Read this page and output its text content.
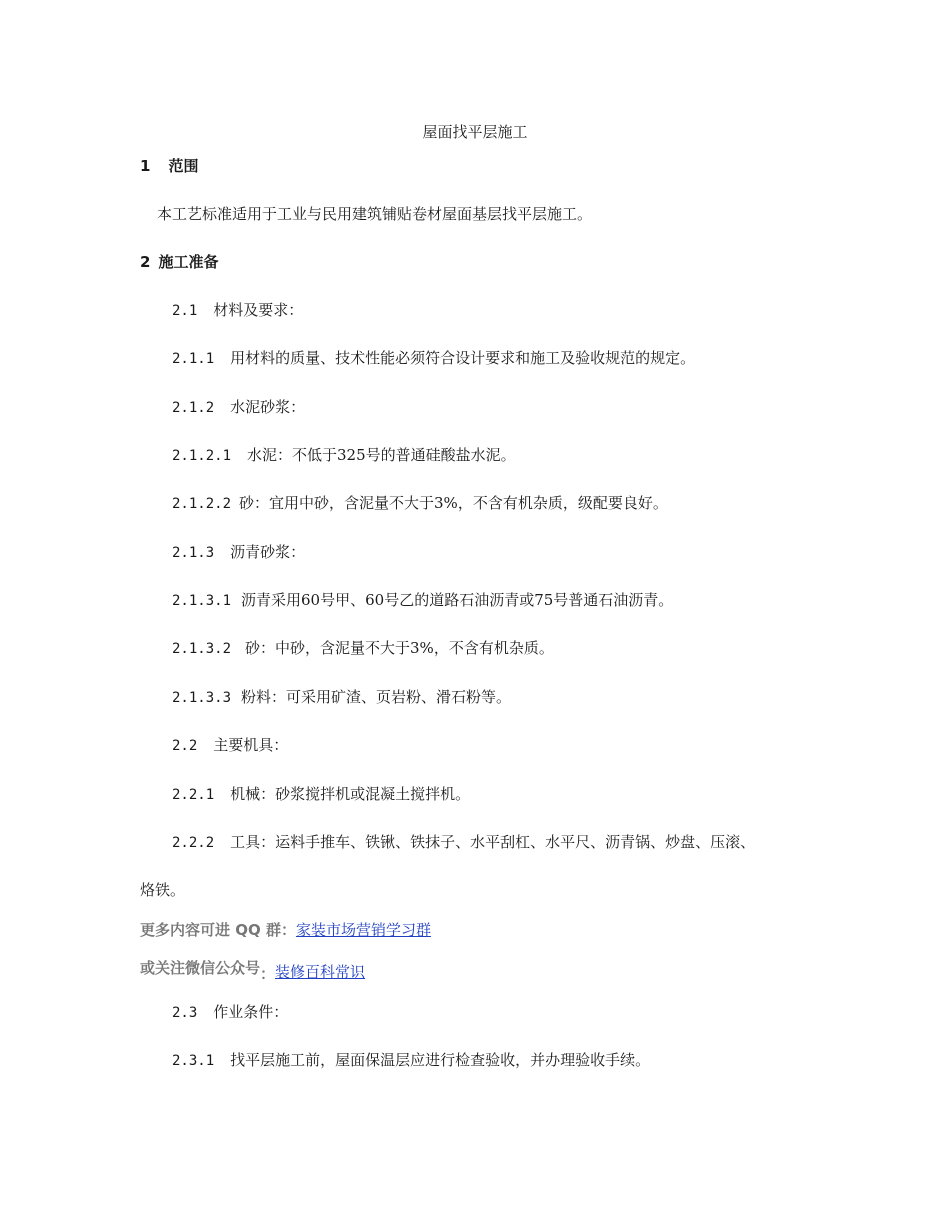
屋面找平层施工
1 范围
本工艺标准适用于工业与民用建筑铺贴卷材屋面基层找平层施工。
2 施工准备
2.1 材料及要求：
2.1.1 用材料的质量、技术性能必须符合设计要求和施工及验收规范的规定。
2.1.2 水泥砂浆：
2.1.2.1 水泥：不低于325号的普通硅酸盐水泥。
2.1.2.2 砂：宜用中砂，含泥量不大于3%，不含有机杂质，级配要良好。
2.1.3 沥青砂浆：
2.1.3.1 沥青采用60号甲、60号乙的道路石油沥青或75号普通石油沥青。
2.1.3.2 砂：中砂，含泥量不大于3%，不含有机杂质。
2.1.3.3 粉料：可采用矿渣、页岩粉、滑石粉等。
2.2 主要机具：
2.2.1 机械：砂浆搅拌机或混凝土搅拌机。
2.2.2 工具：运料手推车、铁锹、铁抹子、水平刮杠、水平尺、沥青锅、炒盘、压滚、
烙铁。
更多内容可进 QQ 群：家装市场营销学习群
或关注微信公众号：装修百科常识
2.3 作业条件：
2.3.1 找平层施工前，屋面保温层应进行检查验收，并办理验收手续。
